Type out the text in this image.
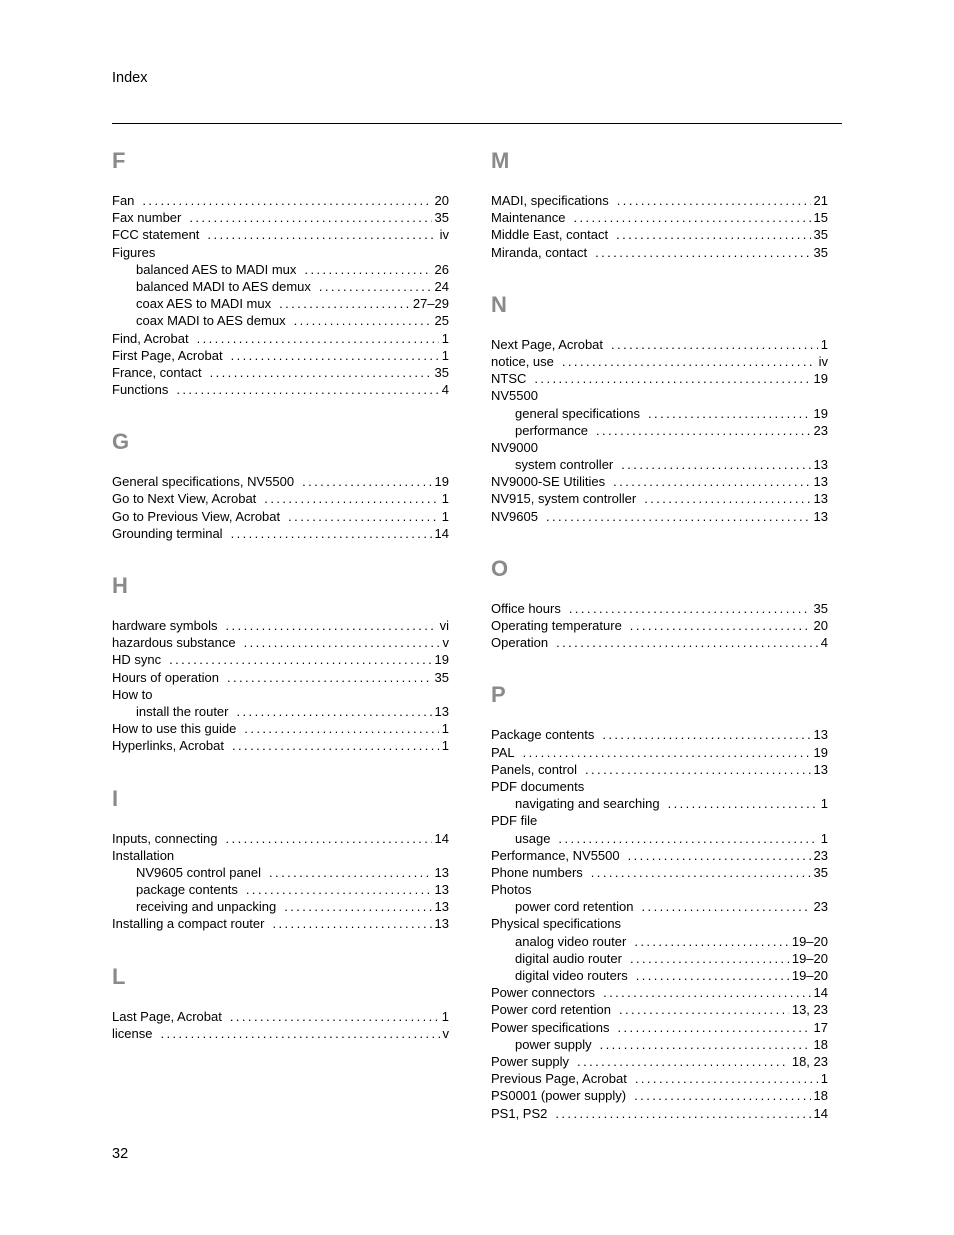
Index
F
Fan . . .	20
Fax number . . .	35
FCC statement . . .	iv
Figures
balanced AES to MADI mux . . .	26
balanced MADI to AES demux . . .	24
coax AES to MADI mux . . .	27–29
coax MADI to AES demux . . .	25
Find, Acrobat . . .	1
First Page, Acrobat . . .	1
France, contact . . .	35
Functions . . .	4
G
General specifications, NV5500 . . .	19
Go to Next View, Acrobat . . .	1
Go to Previous View, Acrobat . . .	1
Grounding terminal . . .	14
H
hardware symbols . . .	vi
hazardous substance . . .	v
HD sync . . .	19
Hours of operation . . .	35
How to
install the router . . .	13
How to use this guide . . .	1
Hyperlinks, Acrobat . . .	1
I
Inputs, connecting . . .	14
Installation
NV9605 control panel . . .	13
package contents . . .	13
receiving and unpacking . . .	13
Installing a compact router . . .	13
L
Last Page, Acrobat . . .	1
license . . .	v
M
MADI, specifications . . .	21
Maintenance . . .	15
Middle East, contact . . .	35
Miranda, contact . . .	35
N
Next Page, Acrobat . . .	1
notice, use . . .	iv
NTSC . . .	19
NV5500
general specifications . . .	19
performance . . .	23
NV9000
system controller . . .	13
NV9000-SE Utilities . . .	13
NV915, system controller . . .	13
NV9605 . . .	13
O
Office hours . . .	35
Operating temperature . . .	20
Operation . . .	4
P
Package contents . . .	13
PAL . . .	19
Panels, control . . .	13
PDF documents
navigating and searching . . .	1
PDF file
usage . . .	1
Performance, NV5500 . . .	23
Phone numbers . . .	35
Photos
power cord retention . . .	23
Physical specifications
analog video router . . .	19–20
digital audio router . . .	19–20
digital video routers . . .	19–20
Power connectors . . .	14
Power cord retention . . .	13, 23
Power specifications . . .	17
power supply . . .	18
Power supply . . .	18, 23
Previous Page, Acrobat . . .	1
PS0001 (power supply) . . .	18
PS1, PS2 . . .	14
32
